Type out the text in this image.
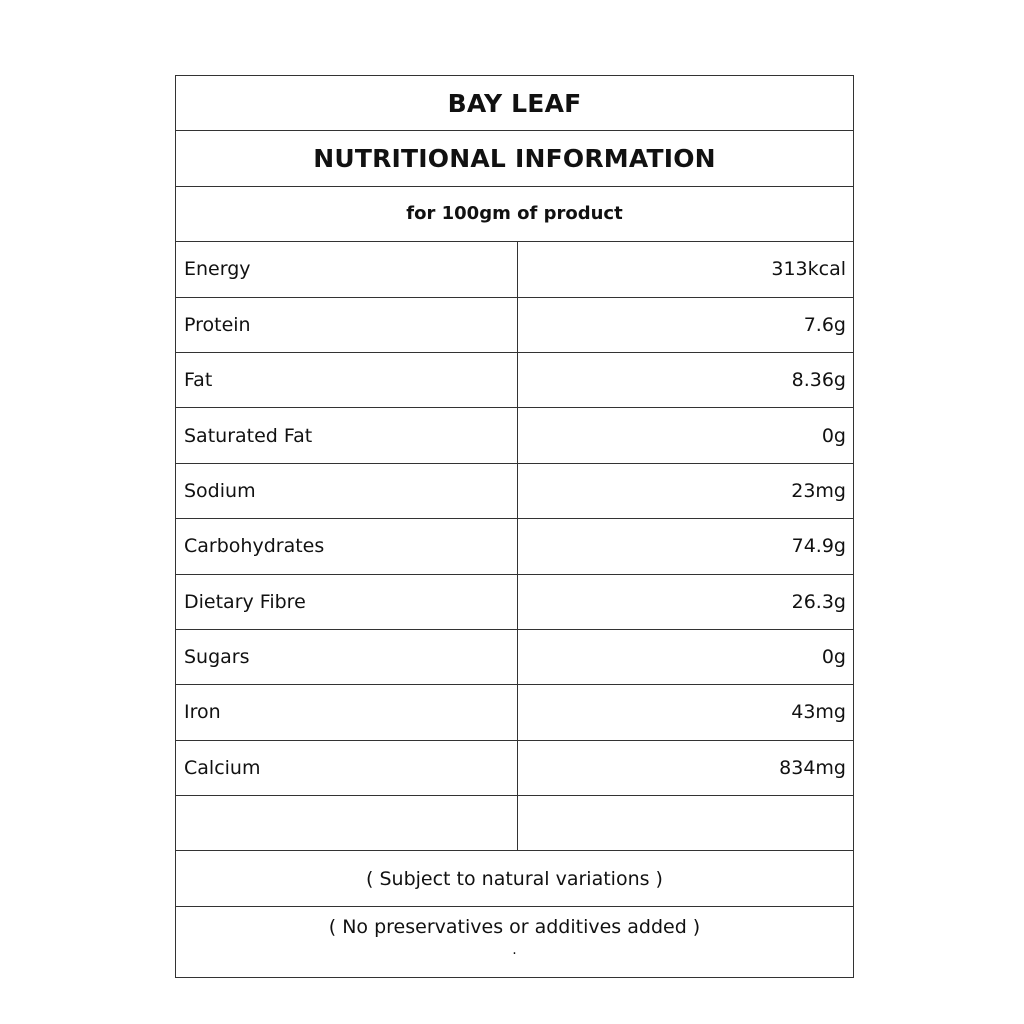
BAY LEAF
NUTRITIONAL INFORMATION
for 100gm of product
Energy	313kcal
Protein	7.6g
Fat	8.36g
Saturated Fat	0g
Sodium	23mg
Carbohydrates	74.9g
Dietary Fibre	26.3g
Sugars	0g
Iron	43mg
Calcium	834mg
( Subject to natural variations )
( No preservatives or additives added )
.
